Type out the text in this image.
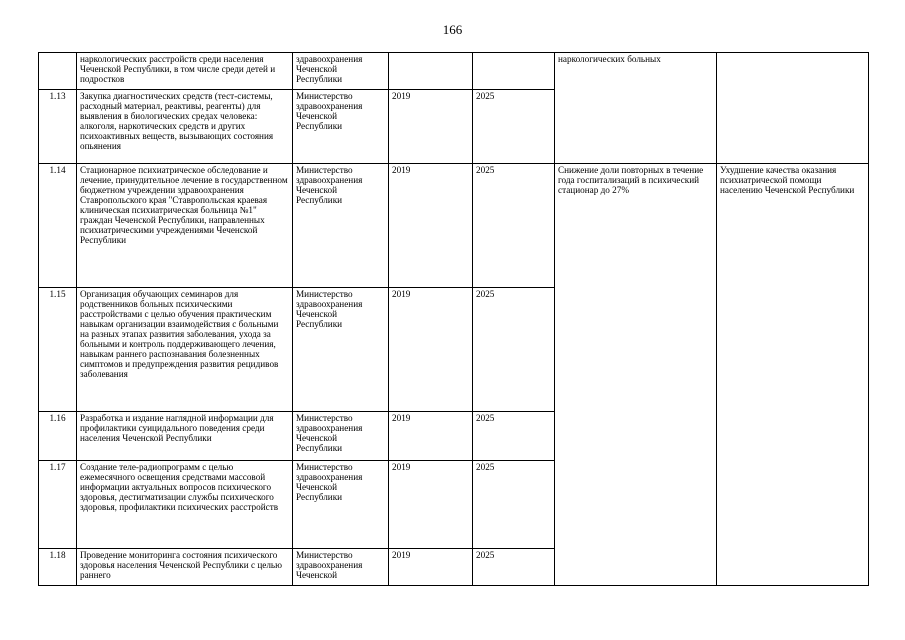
166
	наркологических расстройств среди населения Чеченской Республики, в том числе среди детей и подростков	здравоохранения Чеченской Республики			наркологических больных	
1.13	Закупка диагностических средств (тест-системы, расходный материал, реактивы, реагенты) для выявления в биологических средах человека: алкоголя, наркотических средств и других психоактивных веществ, вызывающих состояния опьянения	Министерство здравоохранения Чеченской Республики	2019	2025		
1.14	Стационарное психиатрическое обследование и лечение, принудительное лечение в государственном бюджетном учреждении здравоохранения Ставропольского края "Ставропольская краевая клиническая психиатрическая больница №1" граждан Чеченской Республики, направленных психиатрическими учреждениями Чеченской Республики	Министерство здравоохранения Чеченской Республики	2019	2025	Снижение доли повторных в течение года госпитализаций в психический стационар до 27%	Ухудшение качества оказания психиатрической помощи населению Чеченской Республики
1.15	Организация обучающих семинаров для родственников больных психическими расстройствами с целью обучения практическим навыкам организации взаимодействия с больными на разных этапах развития заболевания, ухода за больными и контроль поддерживающего лечения, навыкам раннего распознавания болезненных симптомов и предупреждения развития рецидивов заболевания	Министерство здравоохранения Чеченской Республики	2019	2025		
1.16	Разработка и издание наглядной информации для профилактики суицидального поведения среди населения Чеченской Республики	Министерство здравоохранения Чеченской Республики	2019	2025		
1.17	Создание теле-радиопрограмм с целью ежемесячного освещения средствами массовой информации актуальных вопросов психического здоровья, дестигматизации службы психического здоровья, профилактики психических расстройств	Министерство здравоохранения Чеченской Республики	2019	2025		
1.18	Проведение мониторинга состояния психического здоровья населения Чеченской Республики с целью раннего	Министерство здравоохранения Чеченской	2019	2025		
